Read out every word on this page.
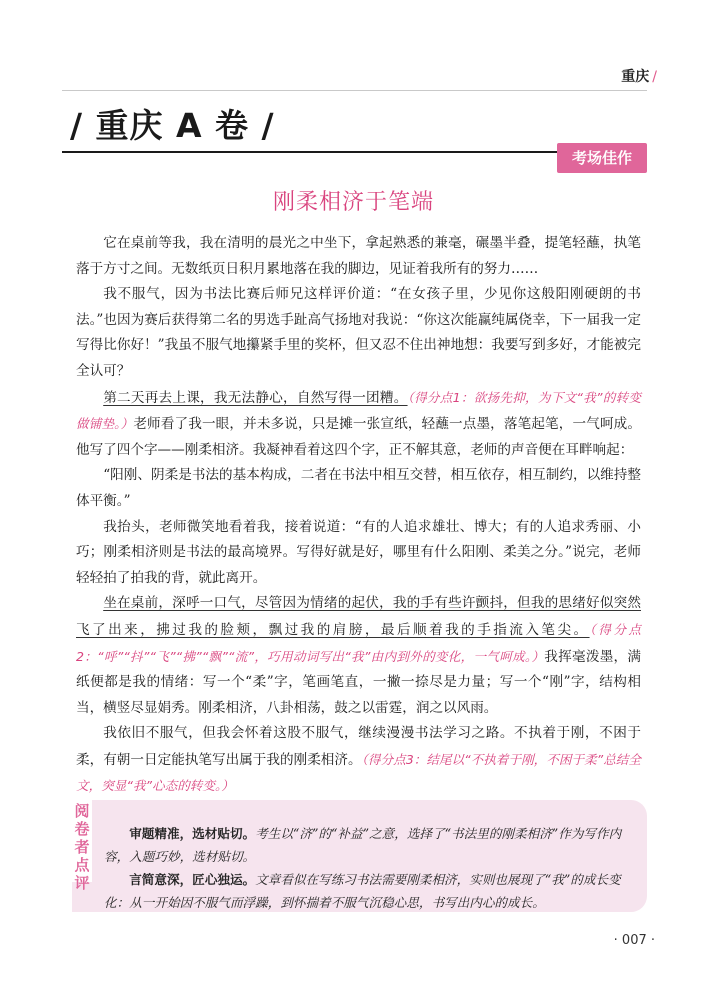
重庆 /
/ 重庆 A 卷 /
考场佳作
刚柔相济于笔端

它在桌前等我，我在清明的晨光之中坐下，拿起熟悉的兼毫，碾墨半叠，提笔轻蘸，执笔落于方寸之间。无数纸页日积月累地落在我的脚边，见证着我所有的努力……

我不服气，因为书法比赛后师兄这样评价道：“在女孩子里，少见你这般阳刚硬朗的书法。”也因为赛后获得第二名的男选手趾高气扬地对我说：“你这次能赢纯属侥幸，下一届我一定写得比你好！”我虽不服气地攥紧手里的奖杯，但又忍不住出神地想：我要写到多好，才能被完全认可？

第二天再去上课，我无法静心，自然写得一团糟。（得分点1：欲扬先抑，为下文“我”的转变做铺垫。）老师看了我一眼，并未多说，只是摊一张宣纸，轻蘸一点墨，落笔起笔，一气呵成。他写了四个字——刚柔相济。我凝神看着这四个字，正不解其意，老师的声音便在耳畔响起：

“阳刚、阴柔是书法的基本构成，二者在书法中相互交替，相互依存，相互制约，以维持整体平衡。”

我抬头，老师微笑地看着我，接着说道：“有的人追求雄壮、博大；有的人追求秀丽、小巧；刚柔相济则是书法的最高境界。写得好就是好，哪里有什么阳刚、柔美之分。”说完，老师轻轻拍了拍我的背，就此离开。

坐在桌前，深呼一口气，尽管因为情绪的起伏，我的手有些许颤抖，但我的思绪好似突然飞了出来，拂过我的脸颊，飘过我的肩膀，最后顺着我的手指流入笔尖。（得分点2：“呼”“抖”“飞”“拂”“飘”“流”，巧用动词写出“我”由内到外的变化，一气呵成。）我挥毫泼墨，满纸便都是我的情绪：写一个“柔”字，笔画笔直，一撇一捺尽是力量；写一个“刚”字，结构相当，横竖尽显娟秀。刚柔相济，八卦相荡，鼓之以雷霆，润之以风雨。

我依旧不服气，但我会怀着这股不服气，继续漫漫书法学习之路。不执着于刚，不困于柔，有朝一日定能执笔写出属于我的刚柔相济。（得分点3：结尾以“不执着于刚，不困于柔”总结全文，突显“我”心态的转变。）

阅
卷
者
点
评

审题精准，选材贴切。考生以“济”的“补益”之意，选择了“书法里的刚柔相济”作为写作内容，入题巧妙，选材贴切。

言简意深，匠心独运。文章看似在写练习书法需要刚柔相济，实则也展现了“我”的成长变化：从一开始因不服气而浮躁，到怀揣着不服气沉稳心思，书写出内心的成长。

· 007 ·
